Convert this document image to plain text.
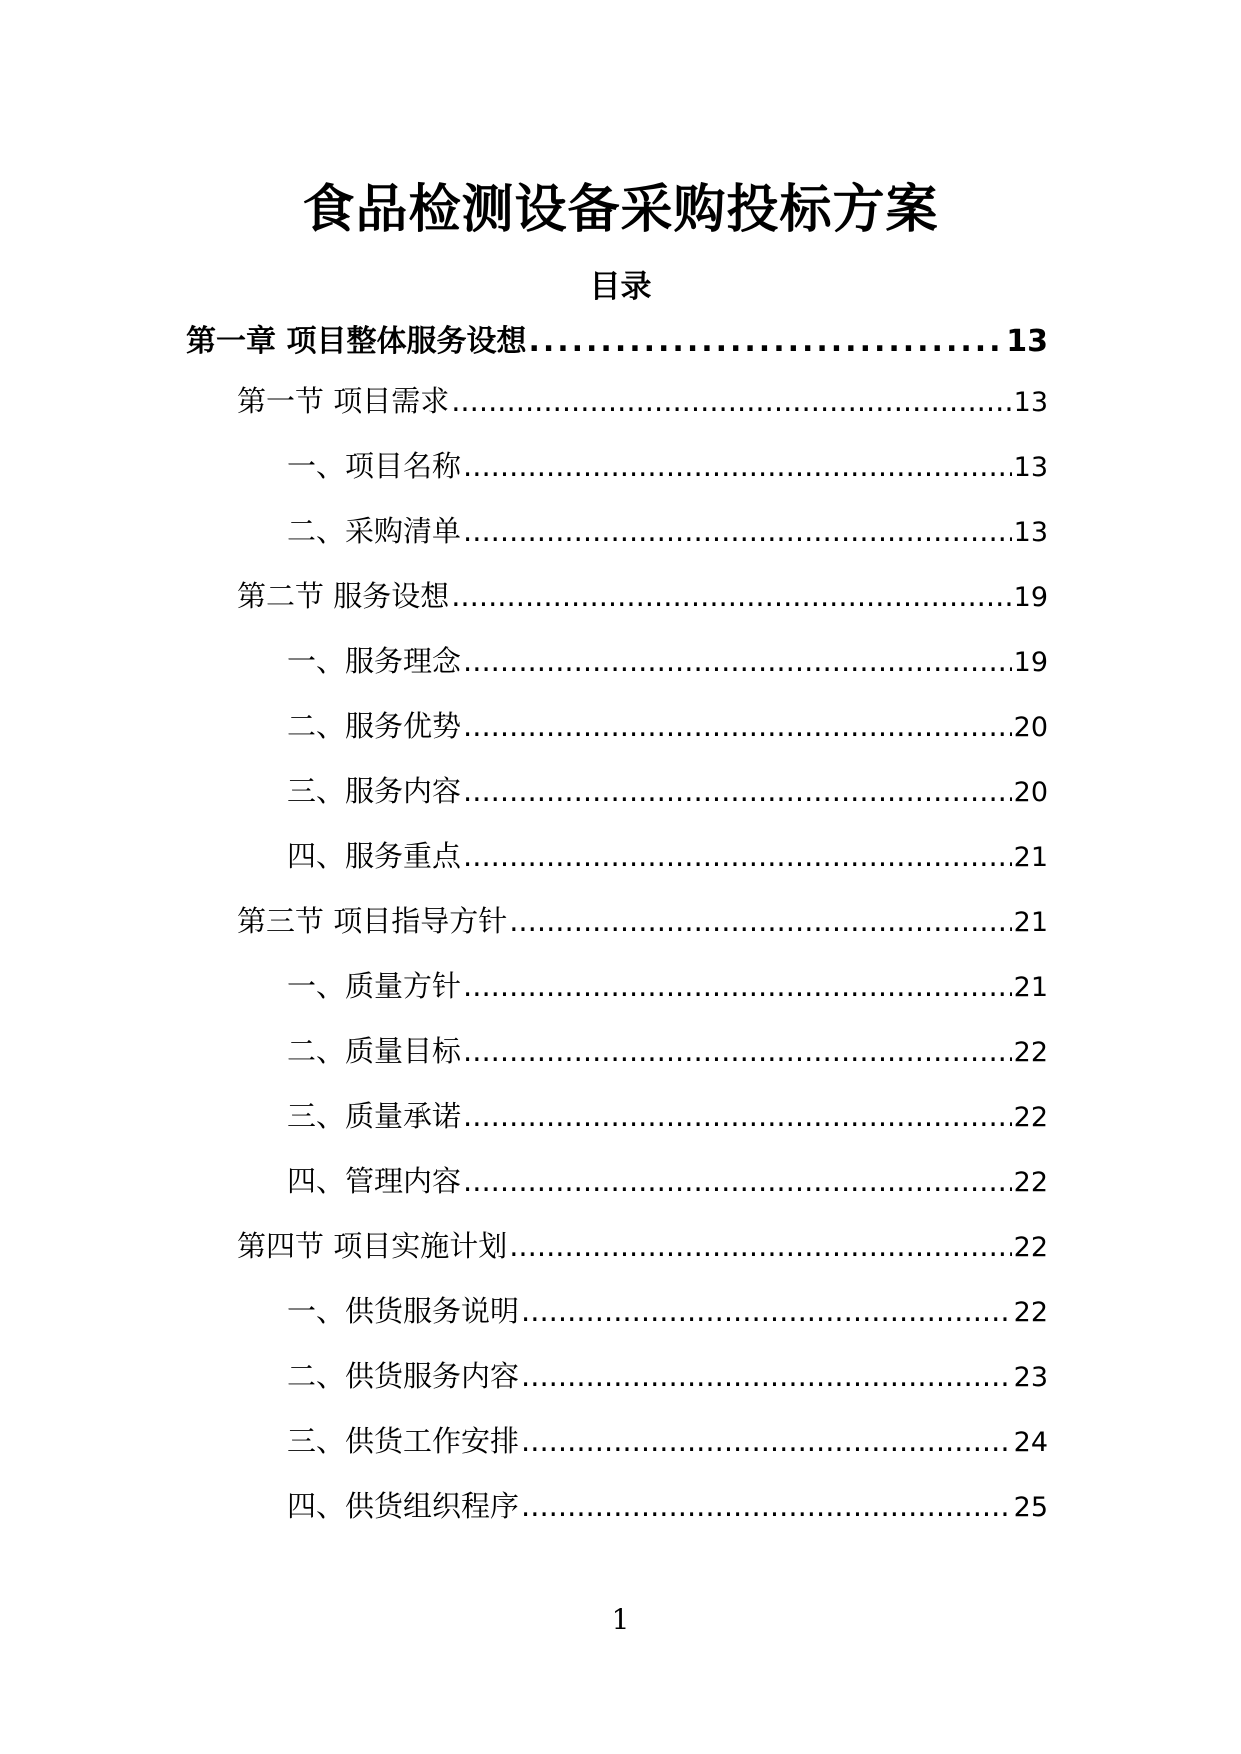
食品检测设备采购投标方案
目录
第一章 项目整体服务设想 .....	13
第一节 项目需求 .....	13
一、项目名称 .....	13
二、采购清单 .....	13
第二节 服务设想 .....	19
一、服务理念 .....	19
二、服务优势 .....	20
三、服务内容 .....	20
四、服务重点 .....	21
第三节 项目指导方针 .....	21
一、质量方针 .....	21
二、质量目标 .....	22
三、质量承诺 .....	22
四、管理内容 .....	22
第四节 项目实施计划 .....	22
一、供货服务说明 .....	22
二、供货服务内容 .....	23
三、供货工作安排 .....	24
四、供货组织程序 .....	25
1
